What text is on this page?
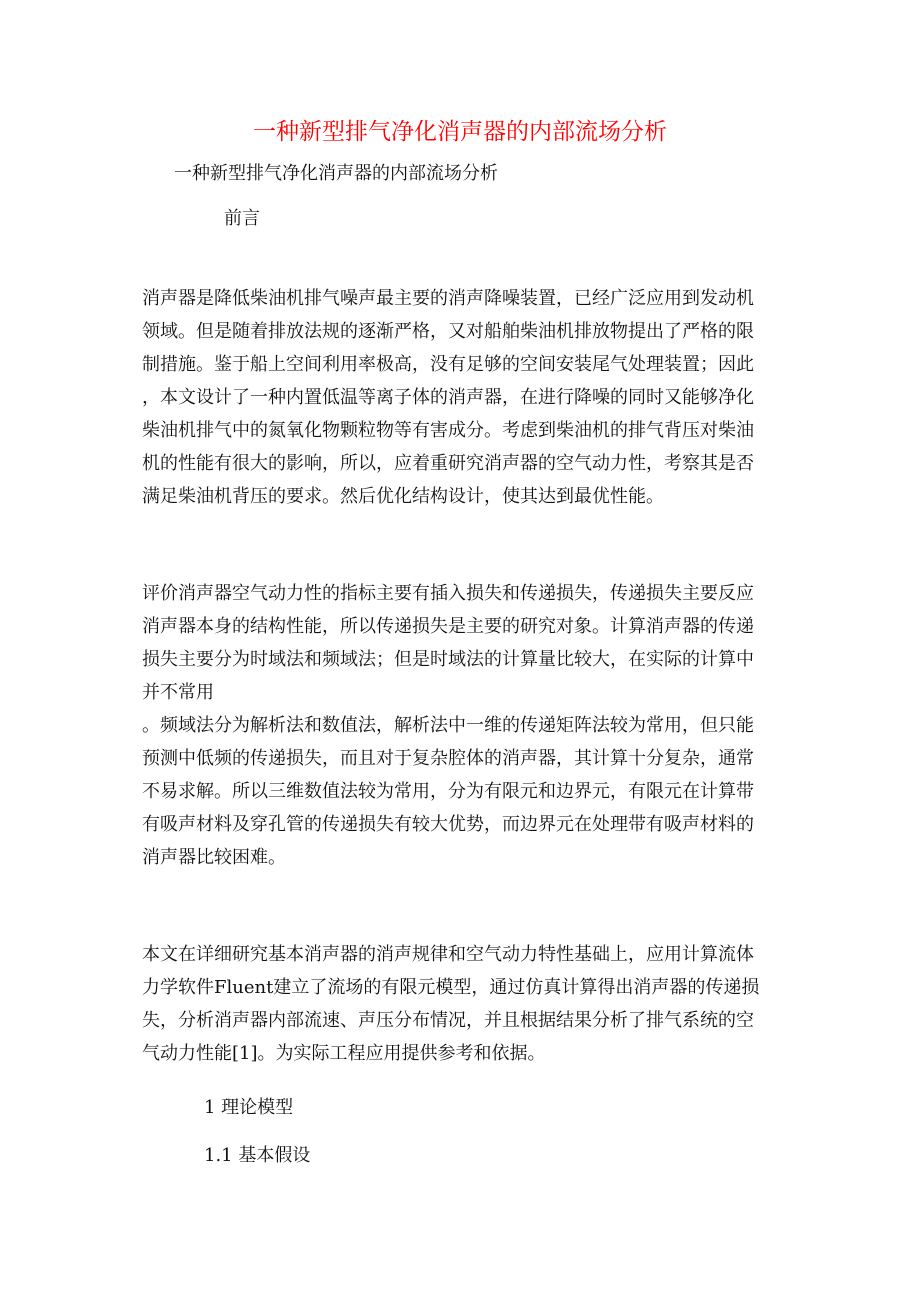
一种新型排气净化消声器的内部流场分析

一种新型排气净化消声器的内部流场分析

前言

消声器是降低柴油机排气噪声最主要的消声降噪装置，已经广泛应用到发动机
领域。但是随着排放法规的逐渐严格，又对船舶柴油机排放物提出了严格的限
制措施。鉴于船上空间利用率极高，没有足够的空间安装尾气处理装置；因此
，本文设计了一种内置低温等离子体的消声器，在进行降噪的同时又能够净化
柴油机排气中的氮氧化物颗粒物等有害成分。考虑到柴油机的排气背压对柴油
机的性能有很大的影响，所以，应着重研究消声器的空气动力性，考察其是否
满足柴油机背压的要求。然后优化结构设计，使其达到最优性能。

评价消声器空气动力性的指标主要有插入损失和传递损失，传递损失主要反应
消声器本身的结构性能，所以传递损失是主要的研究对象。计算消声器的传递
损失主要分为时域法和频域法；但是时域法的计算量比较大，在实际的计算中
并不常用
。频域法分为解析法和数值法，解析法中一维的传递矩阵法较为常用，但只能
预测中低频的传递损失，而且对于复杂腔体的消声器，其计算十分复杂，通常
不易求解。所以三维数值法较为常用，分为有限元和边界元，有限元在计算带
有吸声材料及穿孔管的传递损失有较大优势，而边界元在处理带有吸声材料的
消声器比较困难。

本文在详细研究基本消声器的消声规律和空气动力特性基础上，应用计算流体
力学软件Fluent建立了流场的有限元模型，通过仿真计算得出消声器的传递损
失，分析消声器内部流速、声压分布情况，并且根据结果分析了排气系统的空
气动力性能[1]。为实际工程应用提供参考和依据。

1 理论模型

1.1 基本假设
